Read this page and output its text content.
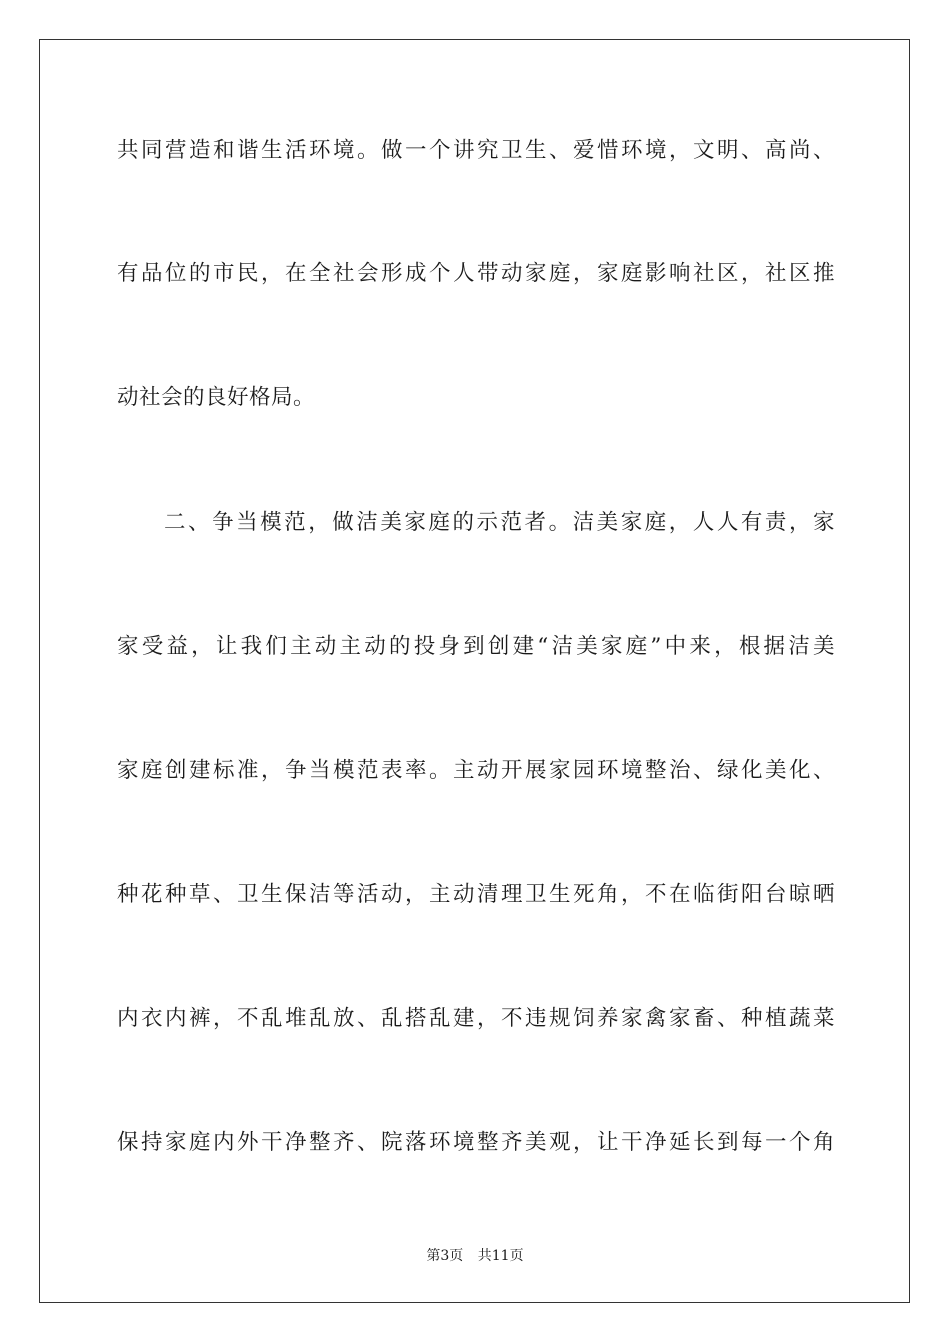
共同营造和谐生活环境。做一个讲究卫生、爱惜环境，文明、高尚、
有品位的市民，在全社会形成个人带动家庭，家庭影响社区，社区推
动社会的良好格局。
二、争当模范，做洁美家庭的示范者。洁美家庭，人人有责，家
家受益，让我们主动主动的投身到创建“洁美家庭”中来，根据洁美
家庭创建标准，争当模范表率。主动开展家园环境整治、绿化美化、
种花种草、卫生保洁等活动，主动清理卫生死角，不在临街阳台晾晒
内衣内裤，不乱堆乱放、乱搭乱建，不违规饲养家禽家畜、种植蔬菜
保持家庭内外干净整齐、院落环境整齐美观，让干净延长到每一个角
第3页 共11页
